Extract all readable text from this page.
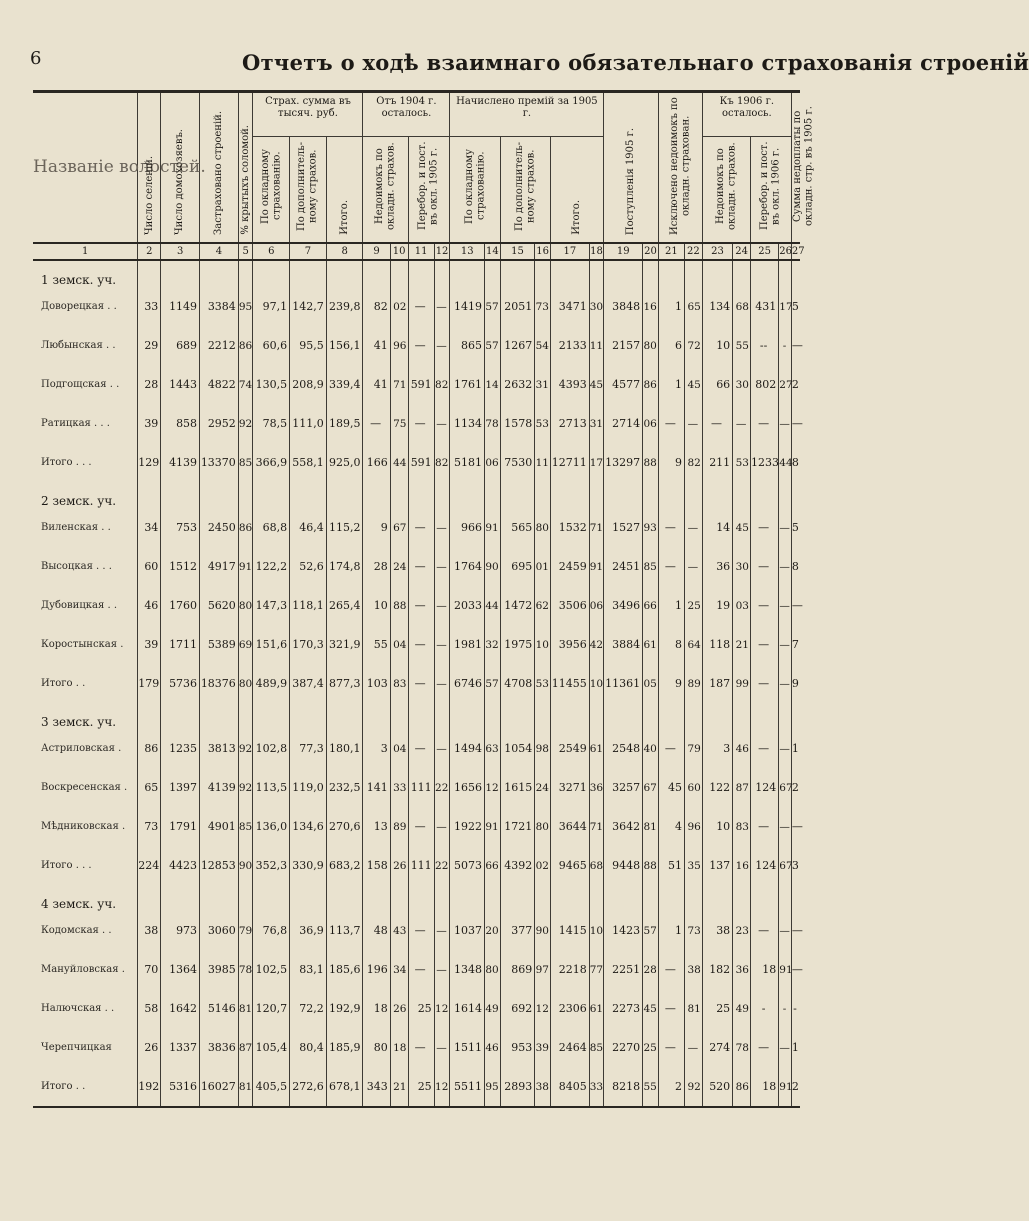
6	Отчетъ о ходѣ взаимнаго обязательнаго страхованія строеній
Названіе волостей.	Число селеній.	Число домохозяевъ.	Застраховано строеній.	% крытыхъ соломой.	Страх. сумма въ тысяч. руб.			Отъ 1904 г. осталось.				Начислено премій за 1905 г.						Поступленія 1905 г.		Исключено недоимокъ по окладн. страхован.		Къ 1906 г. осталось.				Сумма недоплаты по окладн. стр. въ 1905 г.
					По окладному страхованію.	По дополнитель- ному страхов.	Итого.	Недоимокъ по окладн. страхов.		Перебор. и пост. въ окл. 1905 г.		По окладному страхованію.		По дополнитель- ному страхов.		Итого.						Недоимокъ по окладн. страхов.		Перебор. и пост. въ окл. 1906 г.		
1	2	3	4	5	6	7	8	9	10	11	12	13	14	15	16	17	18	19	20	21	22	23	24	25	26	27
1 земск. уч.																										
Доворецкая . .	33	1149	3384	95	97,1	142,7	239,8	82	02	—	—	1419	57	2051	73	3471	30	3848	16	1	65	134	68	431	17	5
Любынская . .	29	689	2212	86	60,6	95,5	156,1	41	96	—	—	865	57	1267	54	2133	11	2157	80	6	72	10	55	--	-	—
Подгощская . .	28	1443	4822	74	130,5	208,9	339,4	41	71	591	82	1761	14	2632	31	4393	45	4577	86	1	45	66	30	802	27	2
Ратицкая . . .	39	858	2952	92	78,5	111,0	189,5	—	75	—	—	1134	78	1578	53	2713	31	2714	06	—	—	—	—	—	—	—
Итого . . .	129	4139	13370	85	366,9	558,1	925,0	166	44	591	82	5181	06	7530	11	12711	17	13297	88	9	82	211	53	1233	44	8
2 земск. уч.																										
Виленская . .	34	753	2450	86	68,8	46,4	115,2	9	67	—	—	966	91	565	80	1532	71	1527	93	—	—	14	45	—	—	5
Высоцкая . . .	60	1512	4917	91	122,2	52,6	174,8	28	24	—	—	1764	90	695	01	2459	91	2451	85	—	—	36	30	—	—	8
Дубовицкая . .	46	1760	5620	80	147,3	118,1	265,4	10	88	—	—	2033	44	1472	62	3506	06	3496	66	1	25	19	03	—	—	—
Коростынская .	39	1711	5389	69	151,6	170,3	321,9	55	04	—	—	1981	32	1975	10	3956	42	3884	61	8	64	118	21	—	—	7
Итого . .	179	5736	18376	80	489,9	387,4	877,3	103	83	—	—	6746	57	4708	53	11455	10	11361	05	9	89	187	99	—	—	9
3 земск. уч.																										
Астриловская .	86	1235	3813	92	102,8	77,3	180,1	3	04	—	—	1494	63	1054	98	2549	61	2548	40	—	79	3	46	—	—	1
Воскресенская .	65	1397	4139	92	113,5	119,0	232,5	141	33	111	22	1656	12	1615	24	3271	36	3257	67	45	60	122	87	124	67	2
Мѣдниковская .	73	1791	4901	85	136,0	134,6	270,6	13	89	—	—	1922	91	1721	80	3644	71	3642	81	4	96	10	83	—	—	—
Итого . . .	224	4423	12853	90	352,3	330,9	683,2	158	26	111	22	5073	66	4392	02	9465	68	9448	88	51	35	137	16	124	67	3
4 земск. уч.																										
Кодомская . .	38	973	3060	79	76,8	36,9	113,7	48	43	—	—	1037	20	377	90	1415	10	1423	57	1	73	38	23	—	—	—
Мануйловская .	70	1364	3985	78	102,5	83,1	185,6	196	34	—	—	1348	80	869	97	2218	77	2251	28	—	38	182	36	18	91	—
Налючская . .	58	1642	5146	81	120,7	72,2	192,9	18	26	25	12	1614	49	692	12	2306	61	2273	45	—	81	25	49	-	-	-
Черепчицкая	26	1337	3836	87	105,4	80,4	185,9	80	18	—	—	1511	46	953	39	2464	85	2270	25	—	—	274	78	—	—	1
Итого . .	192	5316	16027	81	405,5	272,6	678,1	343	21	25	12	5511	95	2893	38	8405	33	8218	55	2	92	520	86	18	91	2
